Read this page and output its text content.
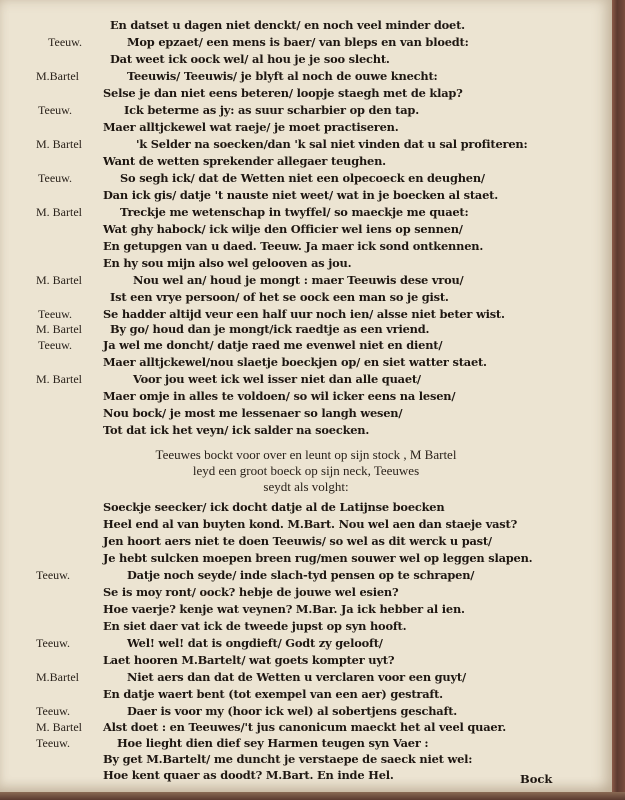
En datset u dagen niet denckt/ en noch veel minder doet.
Teeuw.	Mop epzaet/ een mens is baer/ van bleps en van bloedt:
Dat weet ick oock wel/ al hou je je soo slecht.
M.Bartel	Teeuwis/ Teeuwis/ je blyft al noch de ouwe knecht:
Selse je dan niet eens beteren/ loopje staegh met de klap?
Teeuw.	Ick beterme as jy: as suur scharbier op den tap.
Maer alltjckewel wat raeje/ je moet practiseren.
M. Bartel	'k Selder na soecken/dan 'k sal niet vinden dat u sal profiteren:
Want de wetten sprekender allegaer teughen.
Teeuw.	So segh ick/ dat de Wetten niet een olpecoeck en deughen/
Dan ick gis/ datje 't nauste niet weet/ wat in je boecken al staet.
M. Bartel	Treckje me wetenschap in twyffel/ so maeckje me quaet:
Wat ghy habock/ ick wilje den Officier wel iens op sennen/
En getupgen van u daed. Teeuw. Ja maer ick sond ontkennen.
En hy sou mijn also wel gelooven as jou.
M. Bartel	Nou wel an/ houd je mongt : maer Teeuwis dese vrou/
Ist een vrye persoon/ of het se oock een man so je gist.
Teeuw.	Se hadder altijd veur een half uur noch ien/ alsse niet beter wist.
M. Bartel By go/ houd dan je mongt/ick raedtje as een vriend.
Teeuw.	Ja wel me doncht/ datje raed me evenwel niet en dient/
Maer alltjckewel/nou slaetje boeckjen op/ en siet watter staet.
M. Bartel	Voor jou weet ick wel isser niet dan alle quaet/
Maer omje in alles te voldoen/ so wil icker eens na lesen/
Nou bock/ je most me lessenaer so langh wesen/
Tot dat ick het veyn/ ick salder na soecken.
Teeuwes bockt voor over en leunt op sijn stock , M Bartel
leyd een groot boeck op sijn neck, Teeuwes
seydt als volght:
Soeckje seecker/ ick docht datje al de Latijnse boecken
Heel end al van buyten kond. M.Bart. Nou wel aen dan staeje vast?
Jen hoort aers niet te doen Teeuwis/ so wel as dit werck u past/
Je hebt sulcken moepen breen rug/men souwer wel op leggen slapen.
Teeuw.	Datje noch seyde/ inde slach-tyd pensen op te schrapen/
Se is moy ront/ oock? hebje de jouwe wel esien?
Hoe vaerje? kenje wat veynen? M.Bar. Ja ick hebber al ien.
En siet daer vat ick de tweede jupst op syn hooft.
Teeuw.	Wel! wel! dat is ongdieft/ Godt zy gelooft/
Laet hooren M.Bartelt/ wat goets kompter uyt?
M.Bartel	Niet aers dan dat de Wetten u verclaren voor een guyt/
En datje waert bent (tot exempel van een aer) gestraft.
Teeuw.	Daer is voor my (hoor ick wel) al sobertjens geschaft.
M. Bartel Alst doet : en Teeuwes/'t jus canonicum maeckt het al veel quaer.
Teeuw.	Hoe lieght dien dief sey Harmen teugen syn Vaer :
By get M.Bartelt/ me duncht je verstaepe de saeck niet wel:
Hoe kent quaer as doodt? M.Bart. En inde Hel.	Bock
